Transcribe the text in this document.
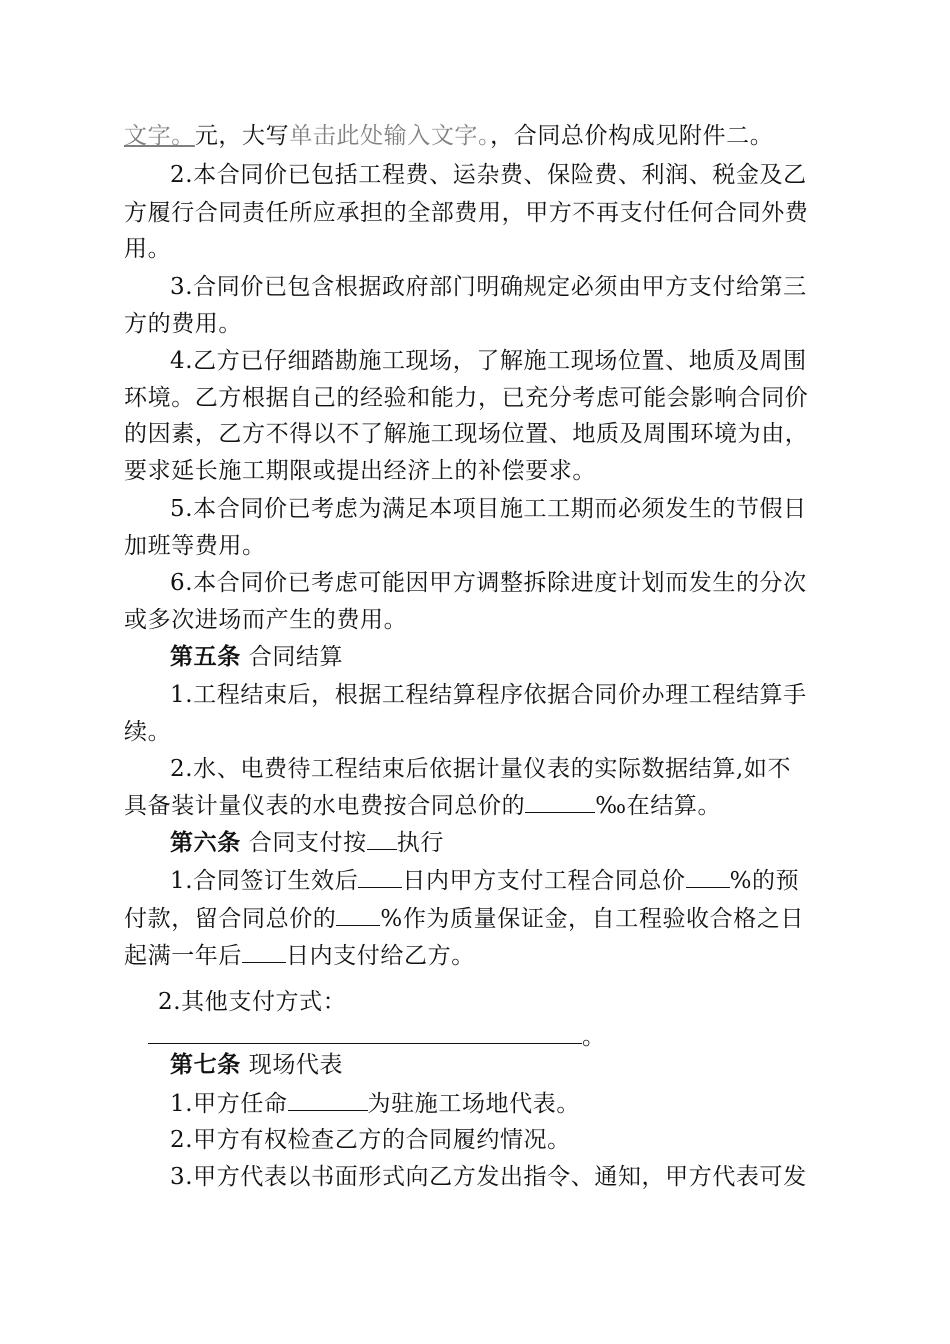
文字。元，大写单击此处输入文字。，合同总价构成见附件二。
2.本合同价已包括工程费、运杂费、保险费、利润、税金及乙
方履行合同责任所应承担的全部费用，甲方不再支付任何合同外费
用。
3.合同价已包含根据政府部门明确规定必须由甲方支付给第三
方的费用。
4.乙方已仔细踏勘施工现场，了解施工现场位置、地质及周围
环境。乙方根据自己的经验和能力，已充分考虑可能会影响合同价
的因素，乙方不得以不了解施工现场位置、地质及周围环境为由，
要求延长施工期限或提出经济上的补偿要求。
5.本合同价已考虑为满足本项目施工工期而必须发生的节假日
加班等费用。
6.本合同价已考虑可能因甲方调整拆除进度计划而发生的分次
或多次进场而产生的费用。
第五条 合同结算
1.工程结束后，根据工程结算程序依据合同价办理工程结算手
续。
2.水、电费待工程结束后依据计量仪表的实际数据结算,如不
具备装计量仪表的水电费按合同总价的	‰在结算。
第六条 合同支付按 执行
1.合同签订生效后 日内甲方支付工程合同总价 %的预
付款，留合同总价的 %作为质量保证金，自工程验收合格之日
起满一年后 日内支付给乙方。
2.其他支付方式：
。
第七条 现场代表
1.甲方任命	为驻施工场地代表。
2.甲方有权检查乙方的合同履约情况。
3.甲方代表以书面形式向乙方发出指令、通知，甲方代表可发
